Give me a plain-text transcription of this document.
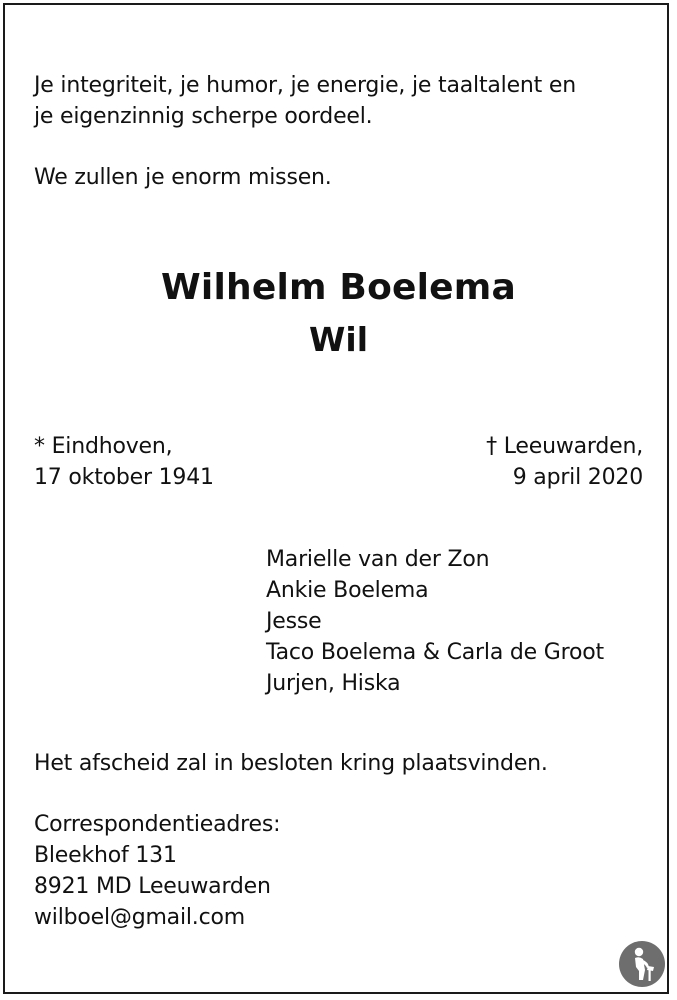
Je integriteit, je humor, je energie, je taaltalent en
je eigenzinnig scherpe oordeel.
We zullen je enorm missen.
Wilhelm Boelema
Wil
* Eindhoven,
17 oktober 1941
† Leeuwarden,
9 april 2020
Marielle van der Zon
Ankie Boelema
Jesse
Taco Boelema & Carla de Groot
Jurjen, Hiska
Het afscheid zal in besloten kring plaatsvinden.
Correspondentieadres:
Bleekhof 131
8921 MD Leeuwarden
wilboel@gmail.com
